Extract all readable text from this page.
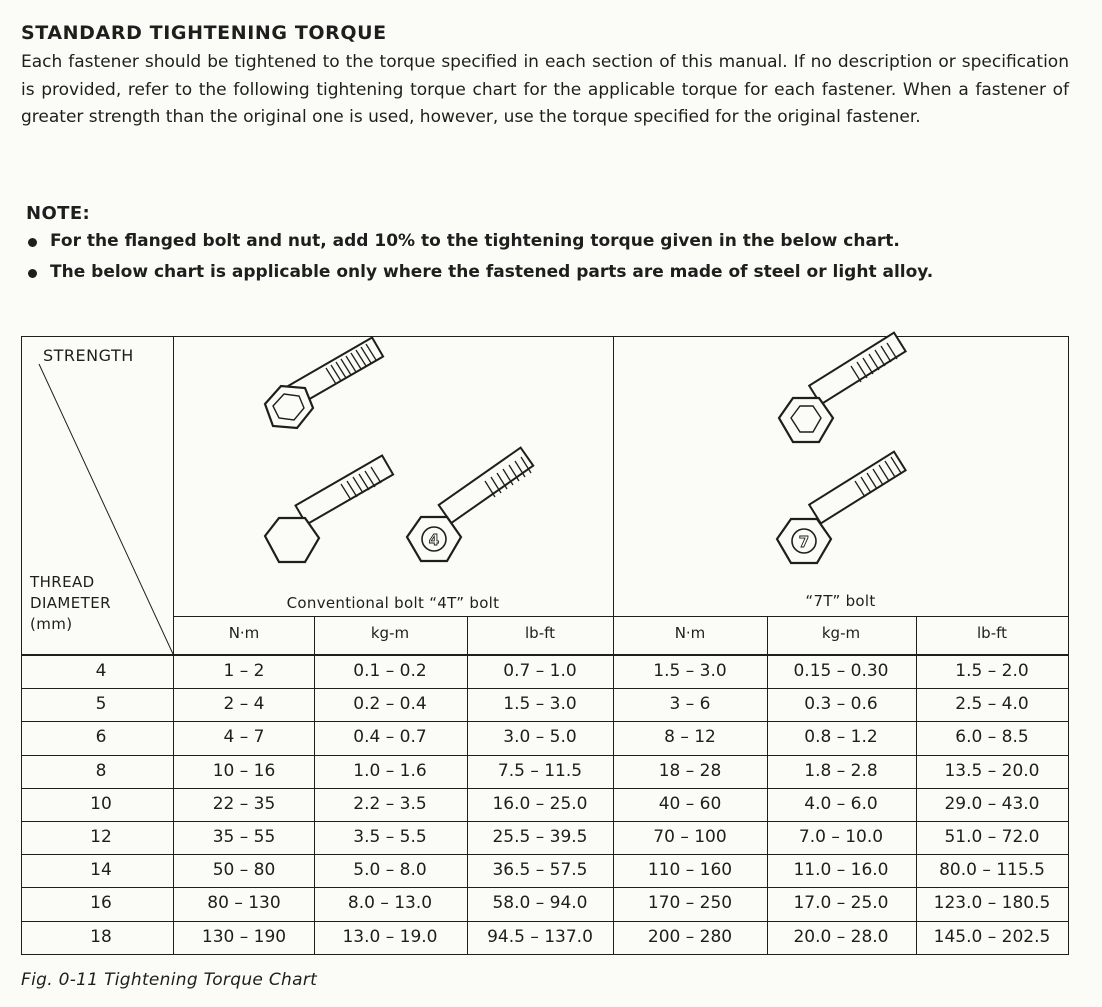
STANDARD TIGHTENING TORQUE
Each fastener should be tightened to the torque specified in each section of this manual. If no description or specification is provided, refer to the following tightening torque chart for the applicable torque for each fastener. When a fastener of greater strength than the original one is used, however, use the torque specified for the original fastener.
NOTE:
For the flanged bolt and nut, add 10% to the tightening torque given in the below chart.
The below chart is applicable only where the fastened parts are made of steel or light alloy.
STRENGTH
THREAD
DIAMETER
(mm)
4	7
Conventional bolt “4T” bolt	“7T” bolt
N·m	kg-m	lb-ft	N·m	kg-m	lb-ft
4	1 – 2	0.1 – 0.2	0.7 – 1.0	1.5 – 3.0	0.15 – 0.30	1.5 – 2.0
5	2 – 4	0.2 – 0.4	1.5 – 3.0	3 – 6	0.3 – 0.6	2.5 – 4.0
6	4 – 7	0.4 – 0.7	3.0 – 5.0	8 – 12	0.8 – 1.2	6.0 – 8.5
8	10 – 16	1.0 – 1.6	7.5 – 11.5	18 – 28	1.8 – 2.8	13.5 – 20.0
10	22 – 35	2.2 – 3.5	16.0 – 25.0	40 – 60	4.0 – 6.0	29.0 – 43.0
12	35 – 55	3.5 – 5.5	25.5 – 39.5	70 – 100	7.0 – 10.0	51.0 – 72.0
14	50 – 80	5.0 – 8.0	36.5 – 57.5	110 – 160	11.0 – 16.0	80.0 – 115.5
16	80 – 130	8.0 – 13.0	58.0 – 94.0	170 – 250	17.0 – 25.0	123.0 – 180.5
18	130 – 190	13.0 – 19.0	94.5 – 137.0	200 – 280	20.0 – 28.0	145.0 – 202.5
Fig. 0-11 Tightening Torque Chart
